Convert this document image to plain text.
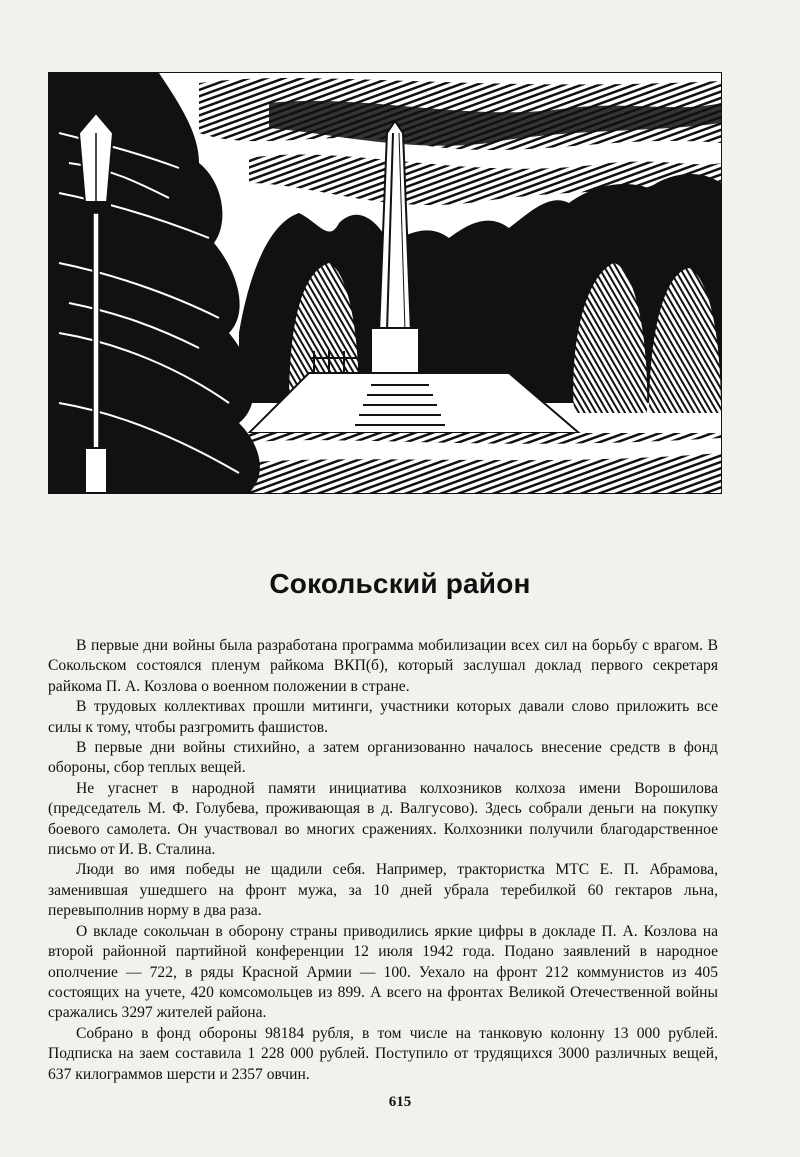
Сокольский район

В первые дни войны была разработана программа мобилизации всех сил на борьбу с врагом. В Сокольском состоялся пленум райкома ВКП(б), который заслушал доклад первого секретаря райкома П. А. Козлова о военном положении в стране.

В трудовых коллективах прошли митинги, участники которых давали слово приложить все силы к тому, чтобы разгромить фашистов.

В первые дни войны стихийно, а затем организованно началось внесение средств в фонд обороны, сбор теплых вещей.

Не угаснет в народной памяти инициатива колхозников колхоза имени Ворошилова (председатель М. Ф. Голубева, проживающая в д. Валгусово). Здесь собрали деньги на покупку боевого самолета. Он участвовал во многих сражениях. Колхозники получили благодарственное письмо от И. В. Сталина.

Люди во имя победы не щадили себя. Например, трактористка МТС Е. П. Абрамова, заменившая ушедшего на фронт мужа, за 10 дней убрала теребилкой 60 гектаров льна, перевыполнив норму в два раза.

О вкладе сокольчан в оборону страны приводились яркие цифры в докладе П. А. Козлова на второй районной партийной конференции 12 июля 1942 года. Подано заявлений в народное ополчение — 722, в ряды Красной Армии — 100. Уехало на фронт 212 коммунистов из 405 состоящих на учете, 420 комсомольцев из 899. А всего на фронтах Великой Отечественной войны сражались 3297 жителей района.

Собрано в фонд обороны 98184 рубля, в том числе на танковую колонну 13 000 рублей. Подписка на заем составила 1 228 000 рублей. Поступило от трудящихся 3000 различных вещей, 637 килограммов шерсти и 2357 овчин.

615
